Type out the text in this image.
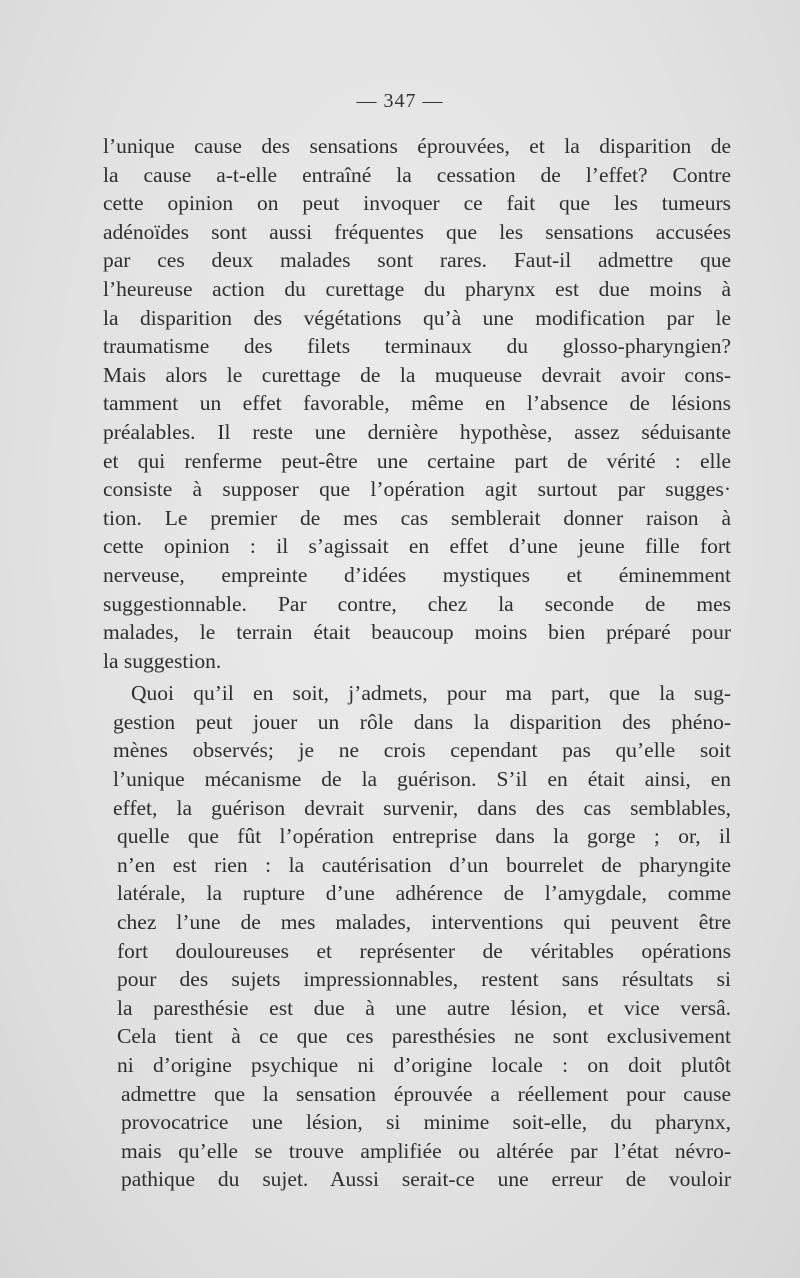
— 347 —
l’unique cause des sensations éprouvées, et la disparition de
la cause a-t-elle entraîné la cessation de l’effet? Contre
cette opinion on peut invoquer ce fait que les tumeurs
adénoïdes sont aussi fréquentes que les sensations accusées
par ces deux malades sont rares. Faut-il admettre que
l’heureuse action du curettage du pharynx est due moins à
la disparition des végétations qu’à une modification par le
traumatisme des filets terminaux du glosso-pharyngien?
Mais alors le curettage de la muqueuse devrait avoir cons-
tamment un effet favorable, même en l’absence de lésions
préalables. Il reste une dernière hypothèse, assez séduisante
et qui renferme peut-être une certaine part de vérité : elle
consiste à supposer que l’opération agit surtout par sugges·
tion. Le premier de mes cas semblerait donner raison à
cette opinion : il s’agissait en effet d’une jeune fille fort
nerveuse, empreinte d’idées mystiques et éminemment
suggestionnable. Par contre, chez la seconde de mes
malades, le terrain était beaucoup moins bien préparé pour
la suggestion.
Quoi qu’il en soit, j’admets, pour ma part, que la sug-
gestion peut jouer un rôle dans la disparition des phéno-
mènes observés; je ne crois cependant pas qu’elle soit
l’unique mécanisme de la guérison. S’il en était ainsi, en
effet, la guérison devrait survenir, dans des cas semblables,
quelle que fût l’opération entreprise dans la gorge ; or, il
n’en est rien : la cautérisation d’un bourrelet de pharyngite
latérale, la rupture d’une adhérence de l’amygdale, comme
chez l’une de mes malades, interventions qui peuvent être
fort douloureuses et représenter de véritables opérations
pour des sujets impressionnables, restent sans résultats si
la paresthésie est due à une autre lésion, et vice versâ.
Cela tient à ce que ces paresthésies ne sont exclusivement
ni d’origine psychique ni d’origine locale : on doit plutôt
admettre que la sensation éprouvée a réellement pour cause
provocatrice une lésion, si minime soit-elle, du pharynx,
mais qu’elle se trouve amplifiée ou altérée par l’état névro-
pathique du sujet. Aussi serait-ce une erreur de vouloir
